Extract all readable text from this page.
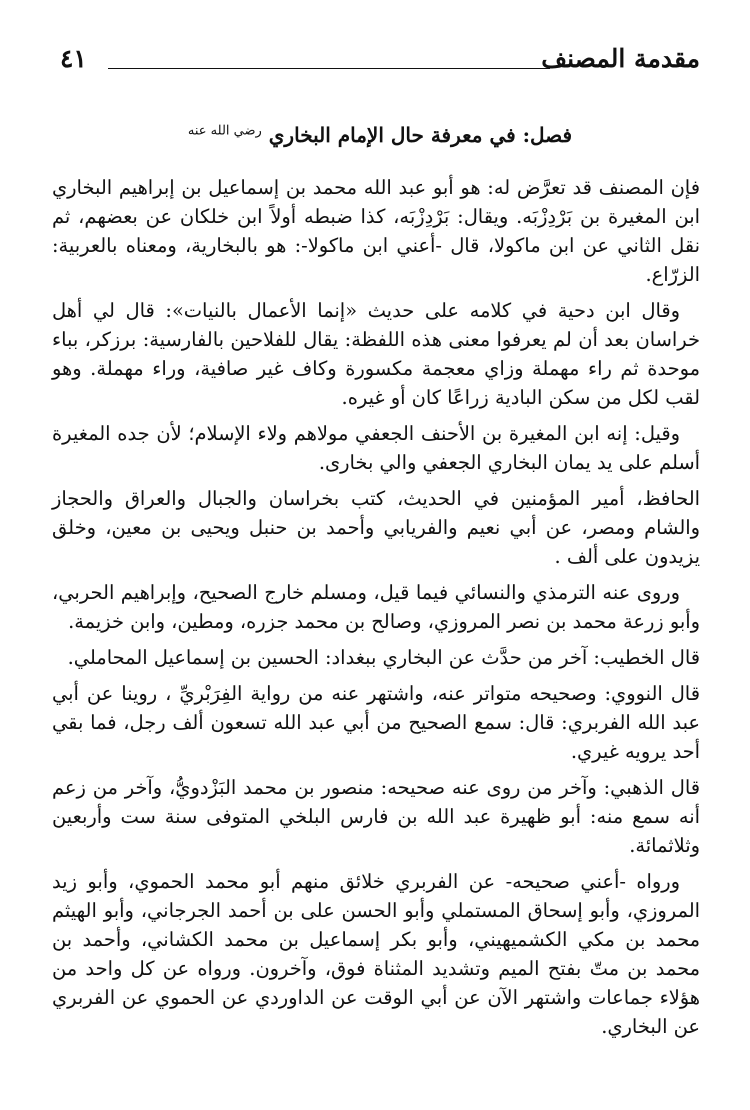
مقدمة المصنف
٤١
فصل: في معرفة حال الإمام البخاري $^{رضي الله عنه}$

فإن المصنف قد تعرَّض له: هو أبو عبد الله محمد بن إسماعيل بن إبراهيم البخاري ابن المغيرة بن بَرْدِزْبَه. ويقال: بَرْدِزْبَه، كذا ضبطه أولاً ابن خلكان عن بعضهم، ثم نقل الثاني عن ابن ماكولا، قال -أعني ابن ماكولا-: هو بالبخارية، ومعناه بالعربية: الزرّاع.

وقال ابن دحية في كلامه على حديث «إنما الأعمال بالنيات»: قال لي أهل خراسان بعد أن لم يعرفوا معنى هذه اللفظة: يقال للفلاحين بالفارسية: برزكر، بباء موحدة ثم راء مهملة وزاي معجمة مكسورة وكاف غير صافية، وراء مهملة. وهو لقب لكل من سكن البادية زراعًا كان أو غيره.

وقيل: إنه ابن المغيرة بن الأحنف الجعفي مولاهم ولاء الإسلام؛ لأن جده المغيرة أسلم على يد يمان البخاري الجعفي والي بخارى.

الحافظ، أمير المؤمنين في الحديث، كتب بخراسان والجبال والعراق والحجاز والشام ومصر، عن أبي نعيم والفريابي وأحمد بن حنبل ويحيى بن معين، وخلق يزيدون على ألف .

وروى عنه الترمذي والنسائي فيما قيل، ومسلم خارج الصحيح، وإبراهيم الحربي، وأبو زرعة محمد بن نصر المروزي، وصالح بن محمد جزره، ومطين، وابن خزيمة.

قال الخطيب: آخر من حدَّث عن البخاري ببغداد: الحسين بن إسماعيل المحاملي.

قال النووي: وصحيحه متواتر عنه، واشتهر عنه من رواية الفِرَبْريِّ ، روينا عن أبي عبد الله الفربري: قال: سمع الصحيح من أبي عبد الله تسعون ألف رجل، فما بقي أحد يرويه غيري.

قال الذهبي: وآخر من روى عنه صحيحه: منصور بن محمد البَزْدويُّ، وآخر من زعم أنه سمع منه: أبو ظهيرة عبد الله بن فارس البلخي المتوفى سنة ست وأربعين وثلاثمائة.

ورواه -أعني صحيحه- عن الفربري خلائق منهم أبو محمد الحموي، وأبو زيد المروزي، وأبو إسحاق المستملي وأبو الحسن على بن أحمد الجرجاني، وأبو الهيثم محمد بن مكي الكشميهيني، وأبو بكر إسماعيل بن محمد الكشاني، وأحمد بن محمد بن متّ بفتح الميم وتشديد المثناة فوق، وآخرون. ورواه عن كل واحد من هؤلاء جماعات واشتهر الآن عن أبي الوقت عن الداوردي عن الحموي عن الفربري عن البخاري.
